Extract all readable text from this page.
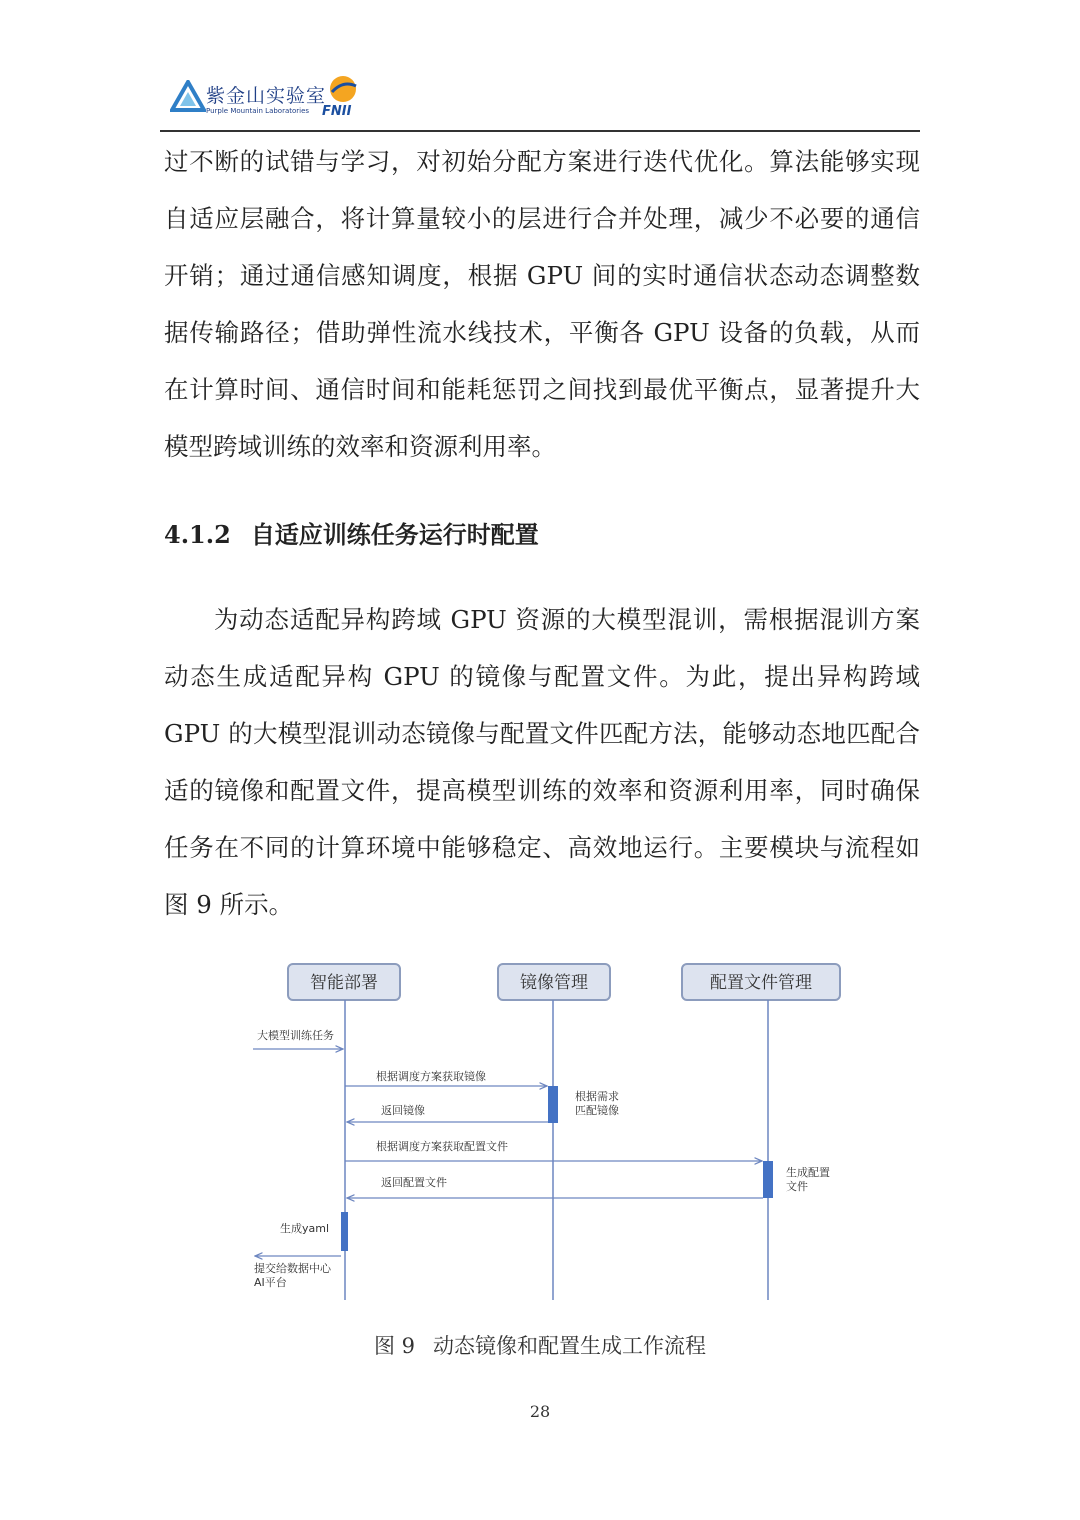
紫金山实验室
Purple Mountain Laboratories FNII

过不断的试错与学习，对初始分配方案进行迭代优化。算法能够实现自适应层融合，将计算量较小的层进行合并处理，减少不必要的通信开销；通过通信感知调度，根据 GPU 间的实时通信状态动态调整数据传输路径；借助弹性流水线技术，平衡各 GPU 设备的负载，从而在计算时间、通信时间和能耗惩罚之间找到最优平衡点，显著提升大模型跨域训练的效率和资源利用率。

4.1.2 自适应训练任务运行时配置

为动态适配异构跨域 GPU 资源的大模型混训，需根据混训方案动态生成适配异构 GPU 的镜像与配置文件。为此，提出异构跨域 GPU 的大模型混训动态镜像与配置文件匹配方法，能够动态地匹配合适的镜像和配置文件，提高模型训练的效率和资源利用率，同时确保任务在不同的计算环境中能够稳定、高效地运行。主要模块与流程如图 9 所示。

智能部署	镜像管理	配置文件管理
大模型训练任务
根据调度方案获取镜像
根据需求 匹配镜像
返回镜像
根据调度方案获取配置文件
生成配置 文件
返回配置文件
生成yaml
提交给数据中心 AI平台
图 9 动态镜像和配置生成工作流程
28
